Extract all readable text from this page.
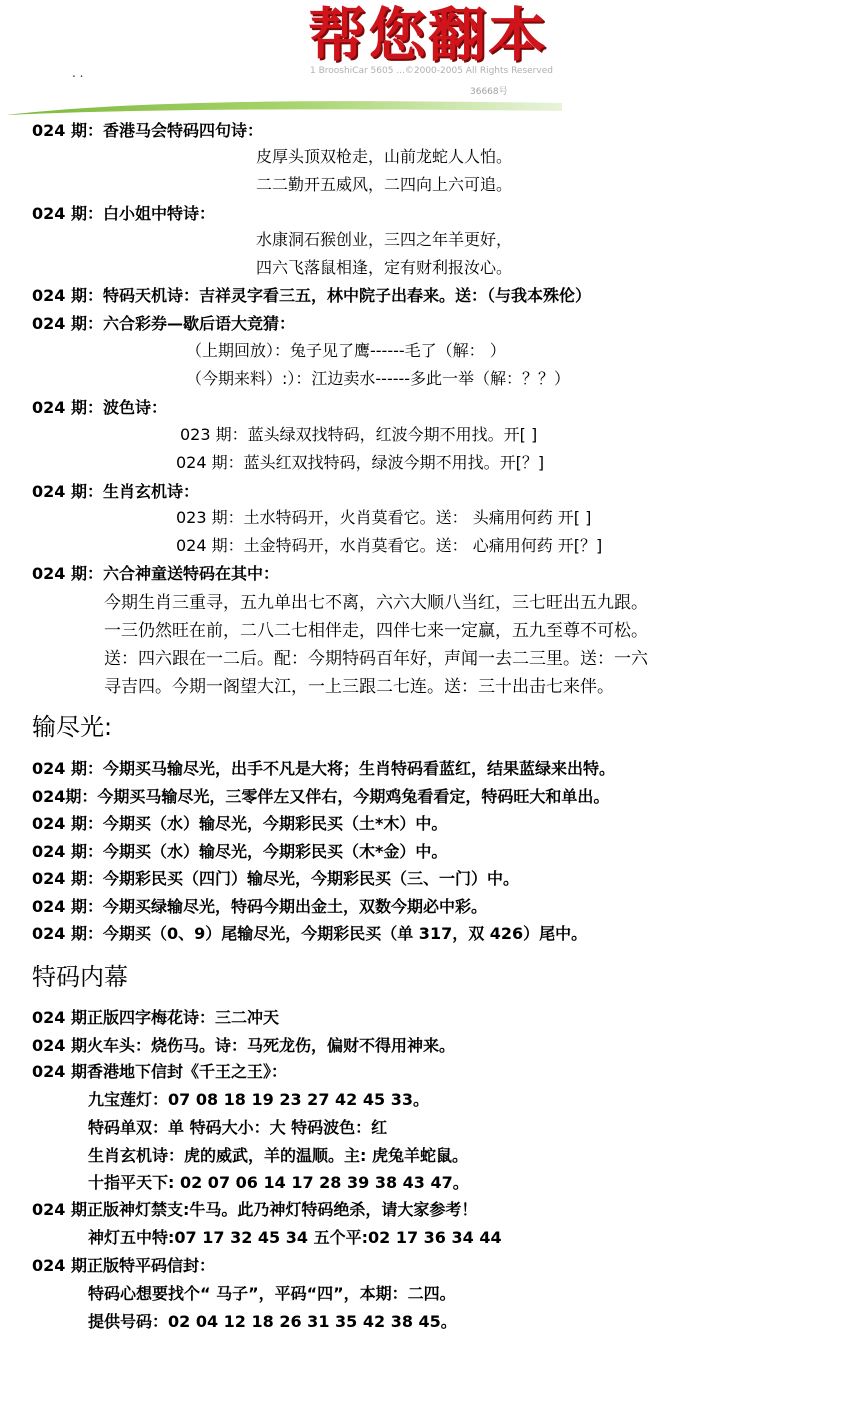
. .
帮您翻本
1 BrooshiCar 5605 ...©2000-2005 All Rights Reserved
36668号
024 期：香港马会特码四句诗：
皮厚头顶双枪走，山前龙蛇人人怕。
二二勤开五威风，二四向上六可追。
024 期：白小姐中特诗：
水康洞石猴创业，三四之年羊更好，
四六飞落鼠相逢，定有财利报汝心。
024 期：特码天机诗：吉祥灵字看三五，林中院子出春来。送：（与我本殊伦）
024 期：六合彩券—歇后语大竞猜：
（上期回放）：兔子见了鹰------毛了（解： ）
（今期来料）:）：江边卖水------多此一举（解：？？）
024 期：波色诗：
023 期：蓝头绿双找特码，红波今期不用找。开[ ]
024 期：蓝头红双找特码，绿波今期不用找。开[？]
024 期：生肖玄机诗：
023 期：土水特码开，火肖莫看它。送： 头痛用何药 开[ ]
024 期：土金特码开，水肖莫看它。送： 心痛用何药 开[？]
024 期：六合神童送特码在其中：
今期生肖三重寻，五九单出七不离，六六大顺八当红，三七旺出五九跟。
一三仍然旺在前，二八二七相伴走，四伴七来一定赢，五九至尊不可松。
送：四六跟在一二后。配：今期特码百年好，声闻一去二三里。送：一六
寻吉四。今期一阁望大江，一上三跟二七连。送：三十出击七来伴。
输尽光:
024 期：今期买马输尽光，出手不凡是大将；生肖特码看蓝红，结果蓝绿来出特。
024期：今期买马输尽光，三零伴左又伴右，今期鸡兔看看定，特码旺大和单出。
024 期：今期买（水）输尽光，今期彩民买（土*木）中。
024 期：今期买（水）输尽光，今期彩民买（木*金）中。
024 期：今期彩民买（四门）输尽光，今期彩民买（三、一门）中。
024 期：今期买绿输尽光，特码今期出金土，双数今期必中彩。
024 期：今期买（0、9）尾输尽光，今期彩民买（单 317，双 426）尾中。
特码内幕
024 期正版四字梅花诗：三二冲天
024 期火车头：烧伤马。诗：马死龙伤，偏财不得用神来。
024 期香港地下信封《千王之王》：
九宝莲灯：07 08 18 19 23 27 42 45 33。
特码单双：单 特码大小：大 特码波色：红
生肖玄机诗：虎的威武，羊的温顺。主: 虎兔羊蛇鼠。
十指平天下: 02 07 06 14 17 28 39 38 43 47。
024 期正版神灯禁支:牛马。此乃神灯特码绝杀，请大家参考！
神灯五中特:07 17 32 45 34 五个平:02 17 36 34 44
024 期正版特平码信封：
特码心想要找个“ 马子”，平码“四”，本期：二四。
提供号码：02 04 12 18 26 31 35 42 38 45。
